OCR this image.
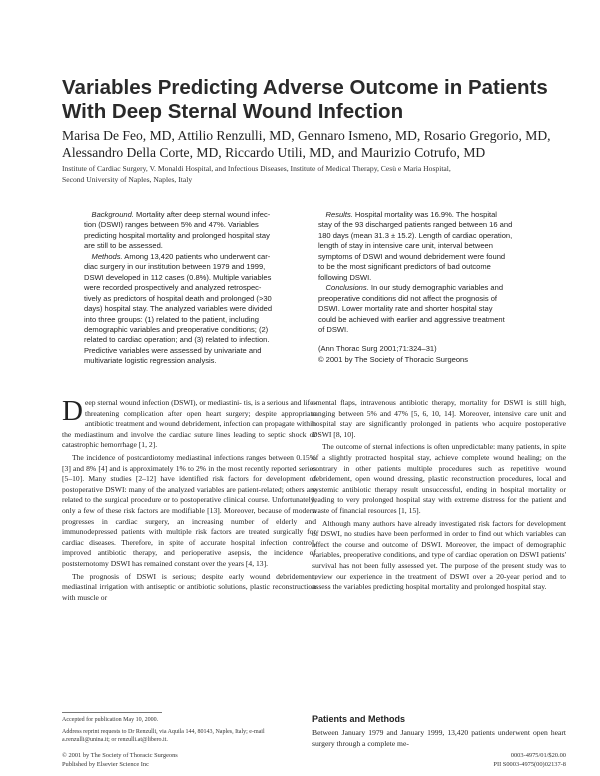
Variables Predicting Adverse Outcome in Patients
With Deep Sternal Wound Infection
Marisa De Feo, MD, Attilio Renzulli, MD, Gennaro Ismeno, MD, Rosario Gregorio, MD,
Alessandro Della Corte, MD, Riccardo Utili, MD, and Maurizio Cotrufo, MD
Institute of Cardiac Surgery, V. Monaldi Hospital, and Infectious Diseases, Institute of Medical Therapy, Cesù e Maria Hospital,
Second University of Naples, Naples, Italy

 Background. Mortality after deep sternal wound infec-
tion (DSWI) ranges between 5% and 47%. Variables
predicting hospital mortality and prolonged hospital stay
are still to be assessed.

 Methods. Among 13,420 patients who underwent car-
diac surgery in our institution between 1979 and 1999,
DSWI developed in 112 cases (0.8%). Multiple variables
were recorded prospectively and analyzed retrospec-
tively as predictors of hospital death and prolonged (>30
days) hospital stay. The analyzed variables were divided
into three groups: (1) related to the patient, including
demographic variables and preoperative conditions; (2)
related to cardiac operation; and (3) related to infection.
Predictive variables were assessed by univariate and
multivariate logistic regression analysis.

 Results. Hospital mortality was 16.9%. The hospital
stay of the 93 discharged patients ranged between 16 and
180 days (mean 31.3 ± 15.2). Length of cardiac operation,
length of stay in intensive care unit, interval between
symptoms of DSWI and wound debridement were found
to be the most significant predictors of bad outcome
following DSWI.

 Conclusions. In our study demographic variables and
preoperative conditions did not affect the prognosis of
DSWI. Lower mortality rate and shorter hospital stay
could be achieved with earlier and aggressive treatment
of DSWI.

(Ann Thorac Surg 2001;71:324–31)

© 2001 by The Society of Thoracic Surgeons

Deep sternal wound infection (DSWI), or mediastini- tis, is a serious and life-threatening complication after open heart surgery; despite appropriate antibiotic treatment and wound debridement, infection can propagate within the mediastinum and involve the cardiac suture lines leading to septic shock or catastrophic hemorrhage [1, 2].

The incidence of postcardiotomy mediastinal infections ranges between 0.15% [3] and 8% [4] and is approximately 1% to 2% in the most recently reported series [5–10]. Many studies [2–12] have identified risk factors for development of postoperative DSWI: many of the analyzed variables are patient-related; others are related to the surgical procedure or to postoperative clinical course. Unfortunately, only a few of these risk factors are modifiable [13]. Moreover, because of modern progresses in cardiac surgery, an increasing number of elderly and immunodepressed patients with multiple risk factors are treated surgically for cardiac diseases. Therefore, in spite of accurate hospital infection control, improved antibiotic therapy, and perioperative asepsis, the incidence of poststernotomy DSWI has remained constant over the years [4, 13].

The prognosis of DSWI is serious; despite early wound debridement, mediastinal irrigation with antiseptic or antibiotic solutions, plastic reconstruction with muscle or

omental flaps, intravenous antibiotic therapy, mortality for DSWI is still high, ranging between 5% and 47% [5, 6, 10, 14]. Moreover, intensive care unit and hospital stay are significantly prolonged in patients who acquire postoperative DSWI [8, 10].

The outcome of sternal infections is often unpredictable: many patients, in spite of a slightly protracted hospital stay, achieve complete wound healing; on the contrary in other patients multiple procedures such as repetitive wound debridement, open wound dressing, plastic reconstruction procedures, local and systemic antibiotic therapy result unsuccessful, ending in hospital mortality or leading to very prolonged hospital stay with extreme distress for the patient and waste of financial resources [1, 15].

Although many authors have already investigated risk factors for development of DSWI, no studies have been performed in order to find out which variables can affect the course and outcome of DSWI. Moreover, the impact of demographic variables, preoperative conditions, and type of cardiac operation on DSWI patients' survival has not been fully assessed yet. The purpose of the present study was to review our experience in the treatment of DSWI over a 20-year period and to assess the variables predicting hospital mortality and prolonged hospital stay.

Patients and Methods
Between January 1979 and January 1999, 13,420 patients underwent open heart surgery through a complete me-

Accepted for publication May 10, 2000.

Address reprint requests to Dr Renzulli, via Aquila 144, 80143, Naples, Italy; e-mail a.renzulli@unina.it; or renzulli.at@libero.it.

© 2001 by The Society of Thoracic Surgeons
Published by Elsevier Science Inc
0003-4975/01/$20.00
PII S0003-4975(00)02137-8
